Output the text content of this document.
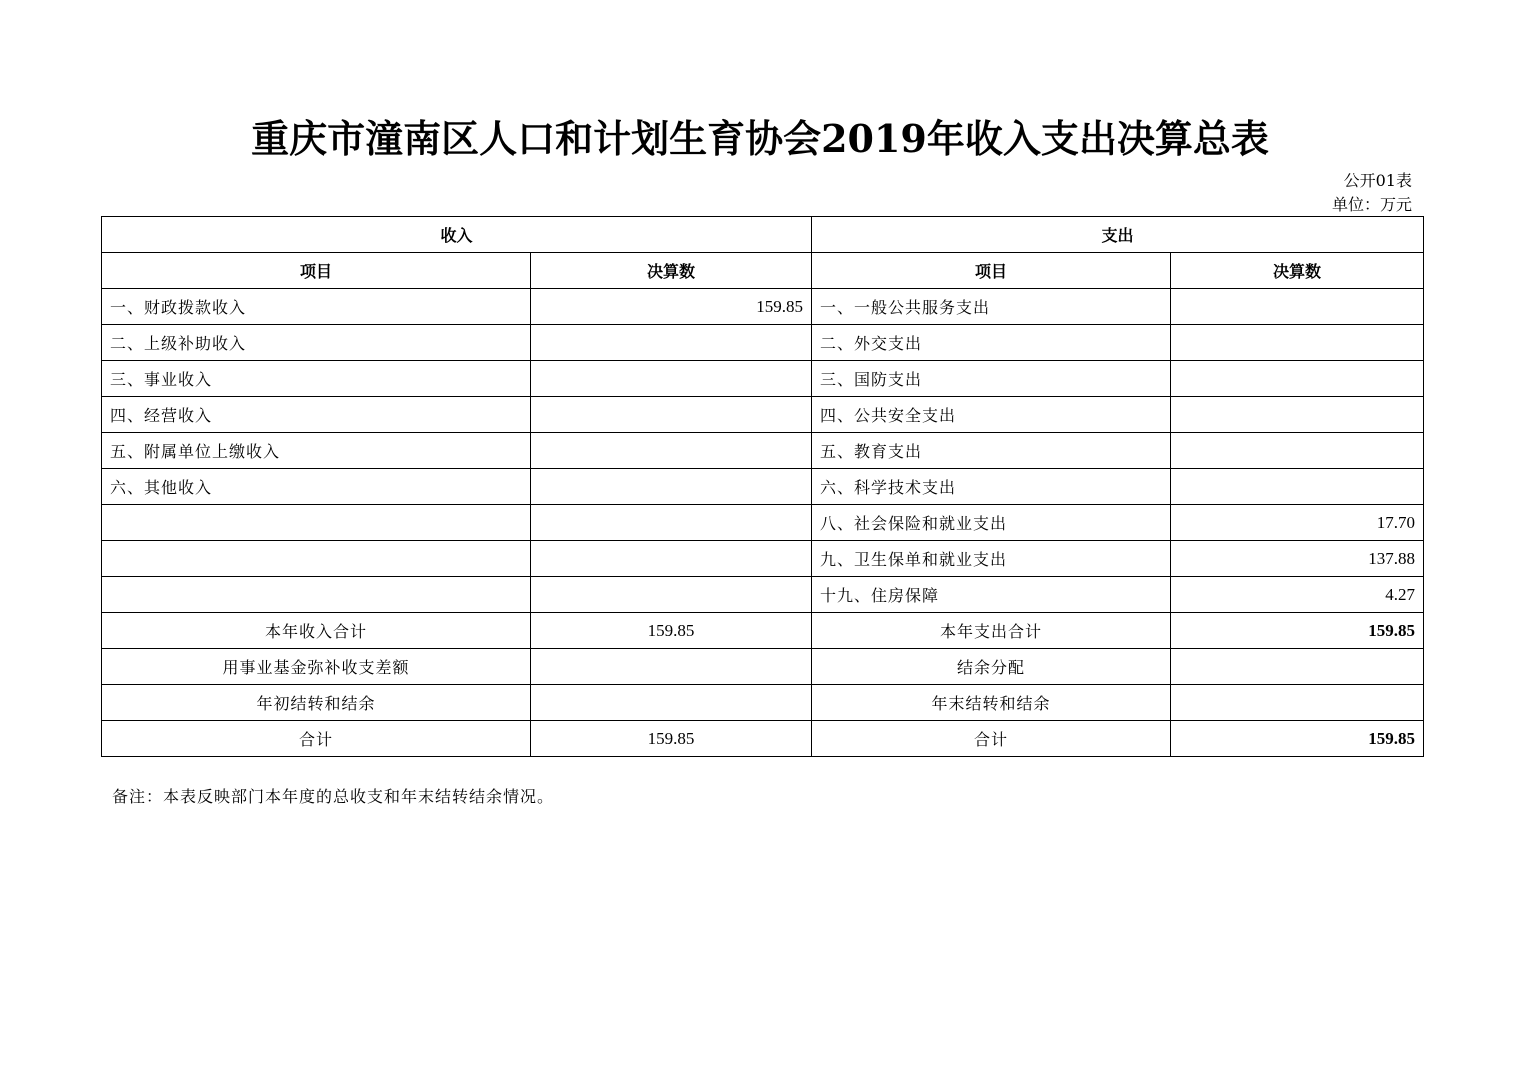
重庆市潼南区人口和计划生育协会2019年收入支出决算总表
公开01表
单位：万元
收入		支出	
项目	决算数	项目	决算数
一、财政拨款收入	159.85	一、一般公共服务支出	
二、上级补助收入		二、外交支出	
三、事业收入		三、国防支出	
四、经营收入		四、公共安全支出	
五、附属单位上缴收入		五、教育支出	
六、其他收入		六、科学技术支出	
		八、社会保险和就业支出	17.70
		九、卫生保单和就业支出	137.88
		十九、住房保障	4.27
本年收入合计	159.85	本年支出合计	159.85
用事业基金弥补收支差额		结余分配	
年初结转和结余		年末结转和结余	
合计	159.85	合计	159.85
备注：本表反映部门本年度的总收支和年末结转结余情况。
